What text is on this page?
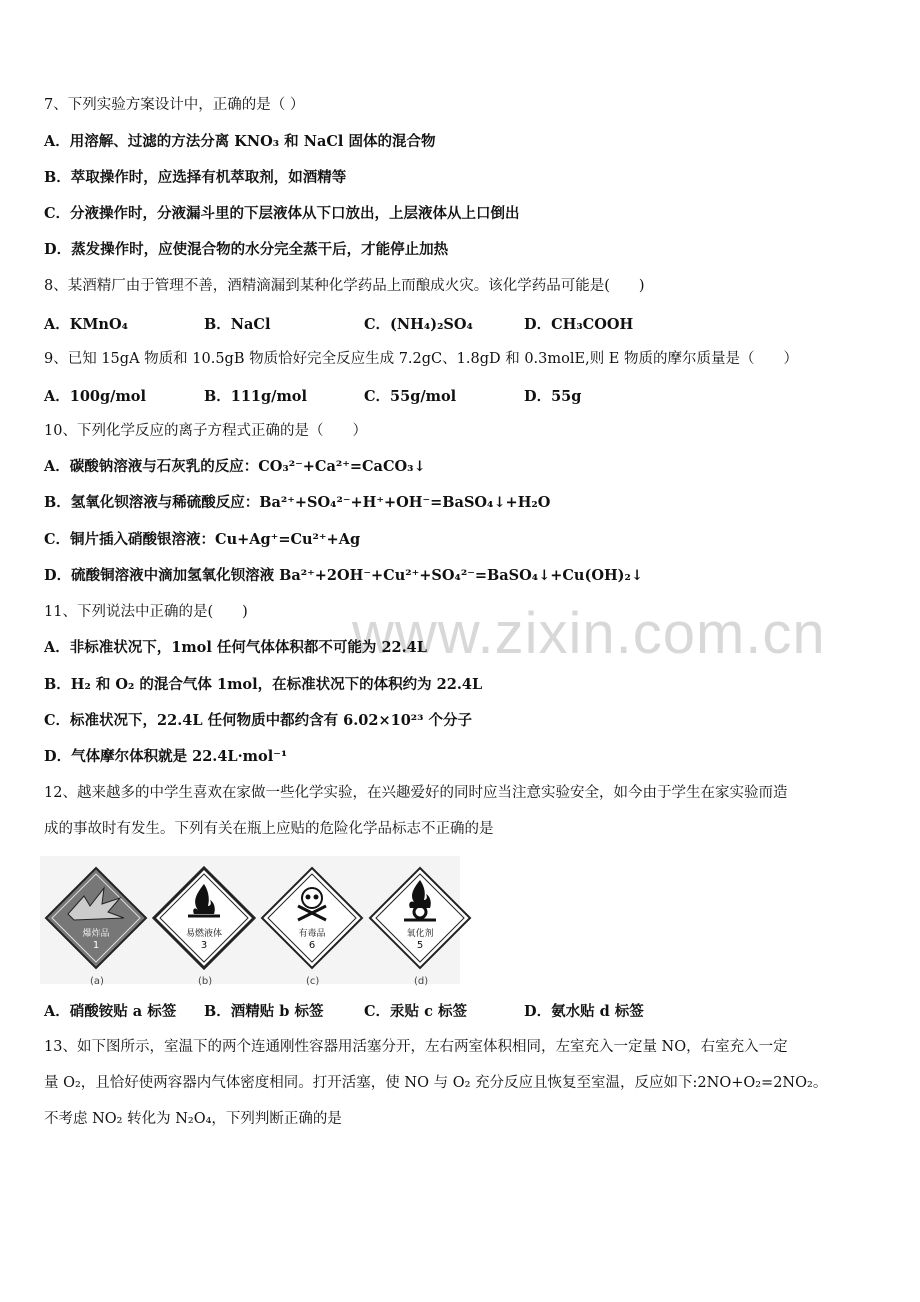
www.zixin.com.cn
7、下列实验方案设计中，正确的是（ ）
A．用溶解、过滤的方法分离 KNO₃ 和 NaCl 固体的混合物
B．萃取操作时，应选择有机萃取剂，如酒精等
C．分液操作时，分液漏斗里的下层液体从下口放出，上层液体从上口倒出
D．蒸发操作时，应使混合物的水分完全蒸干后，才能停止加热
8、某酒精厂由于管理不善，酒精滴漏到某种化学药品上而酿成火灾。该化学药品可能是(　　)
A．KMnO₄	B．NaCl	C．(NH₄)₂SO₄	D．CH₃COOH
9、已知 15gA 物质和 10.5gB 物质恰好完全反应生成 7.2gC、1.8gD 和 0.3molE,则 E 物质的摩尔质量是（　　）
A．100g/mol	B．111g/mol	C．55g/mol	D．55g
10、下列化学反应的离子方程式正确的是（　　）
A．碳酸钠溶液与石灰乳的反应：CO₃²⁻+Ca²⁺=CaCO₃↓
B．氢氧化钡溶液与稀硫酸反应：Ba²⁺+SO₄²⁻+H⁺+OH⁻=BaSO₄↓+H₂O
C．铜片插入硝酸银溶液：Cu+Ag⁺=Cu²⁺+Ag
D．硫酸铜溶液中滴加氢氧化钡溶液 Ba²⁺+2OH⁻+Cu²⁺+SO₄²⁻=BaSO₄↓+Cu(OH)₂↓
11、下列说法中正确的是(　　)
A．非标准状况下，1mol 任何气体体积都不可能为 22.4L
B．H₂ 和 O₂ 的混合气体 1mol，在标准状况下的体积约为 22.4L
C．标准状况下，22.4L 任何物质中都约含有 6.02×10²³ 个分子
D．气体摩尔体积就是 22.4L·mol⁻¹
12、越来越多的中学生喜欢在家做一些化学实验，在兴趣爱好的同时应当注意实验安全，如今由于学生在家实验而造
成的事故时有发生。下列有关在瓶上应贴的危险化学品标志不正确的是
爆炸品
1
(a)
易燃液体
3
(b)
有毒品
6
(c)
氧化剂
5
(d)
A．硝酸铵贴 a 标签 B．酒精贴 b 标签	C．汞贴 c 标签	D．氨水贴 d 标签
13、如下图所示，室温下的两个连通刚性容器用活塞分开，左右两室体积相同，左室充入一定量 NO，右室充入一定
量 O₂，且恰好使两容器内气体密度相同。打开活塞，使 NO 与 O₂ 充分反应且恢复至室温，反应如下:2NO+O₂=2NO₂。
不考虑 NO₂ 转化为 N₂O₄，下列判断正确的是
